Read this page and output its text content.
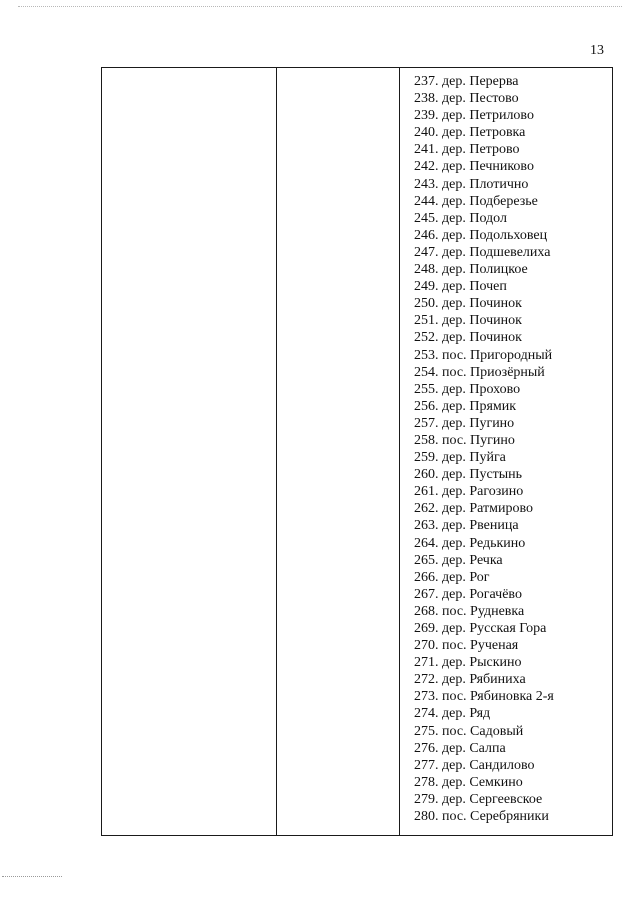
13
237. дер. Перерва
238. дер. Пестово
239. дер. Петрилово
240. дер. Петровка
241. дер. Петрово
242. дер. Печниково
243. дер. Плотично
244. дер. Подберезье
245. дер. Подол
246. дер. Подольховец
247. дер. Подшевелиха
248. дер. Полицкое
249. дер. Почеп
250. дер. Починок
251. дер. Починок
252. дер. Починок
253. пос. Пригородный
254. пос. Приозёрный
255. дер. Прохово
256. дер. Прямик
257. дер. Пугино
258. пос. Пугино
259. дер. Пуйга
260. дер. Пустынь
261. дер. Рагозино
262. дер. Ратмирово
263. дер. Рвеница
264. дер. Редькино
265. дер. Речка
266. дер. Рог
267. дер. Рогачёво
268. пос. Рудневка
269. дер. Русская Гора
270. пос. Рученая
271. дер. Рыскино
272. дер. Рябиниха
273. пос. Рябиновка 2-я
274. дер. Ряд
275. пос. Садовый
276. дер. Салпа
277. дер. Сандилово
278. дер. Семкино
279. дер. Сергеевское
280. пос. Серебряники
